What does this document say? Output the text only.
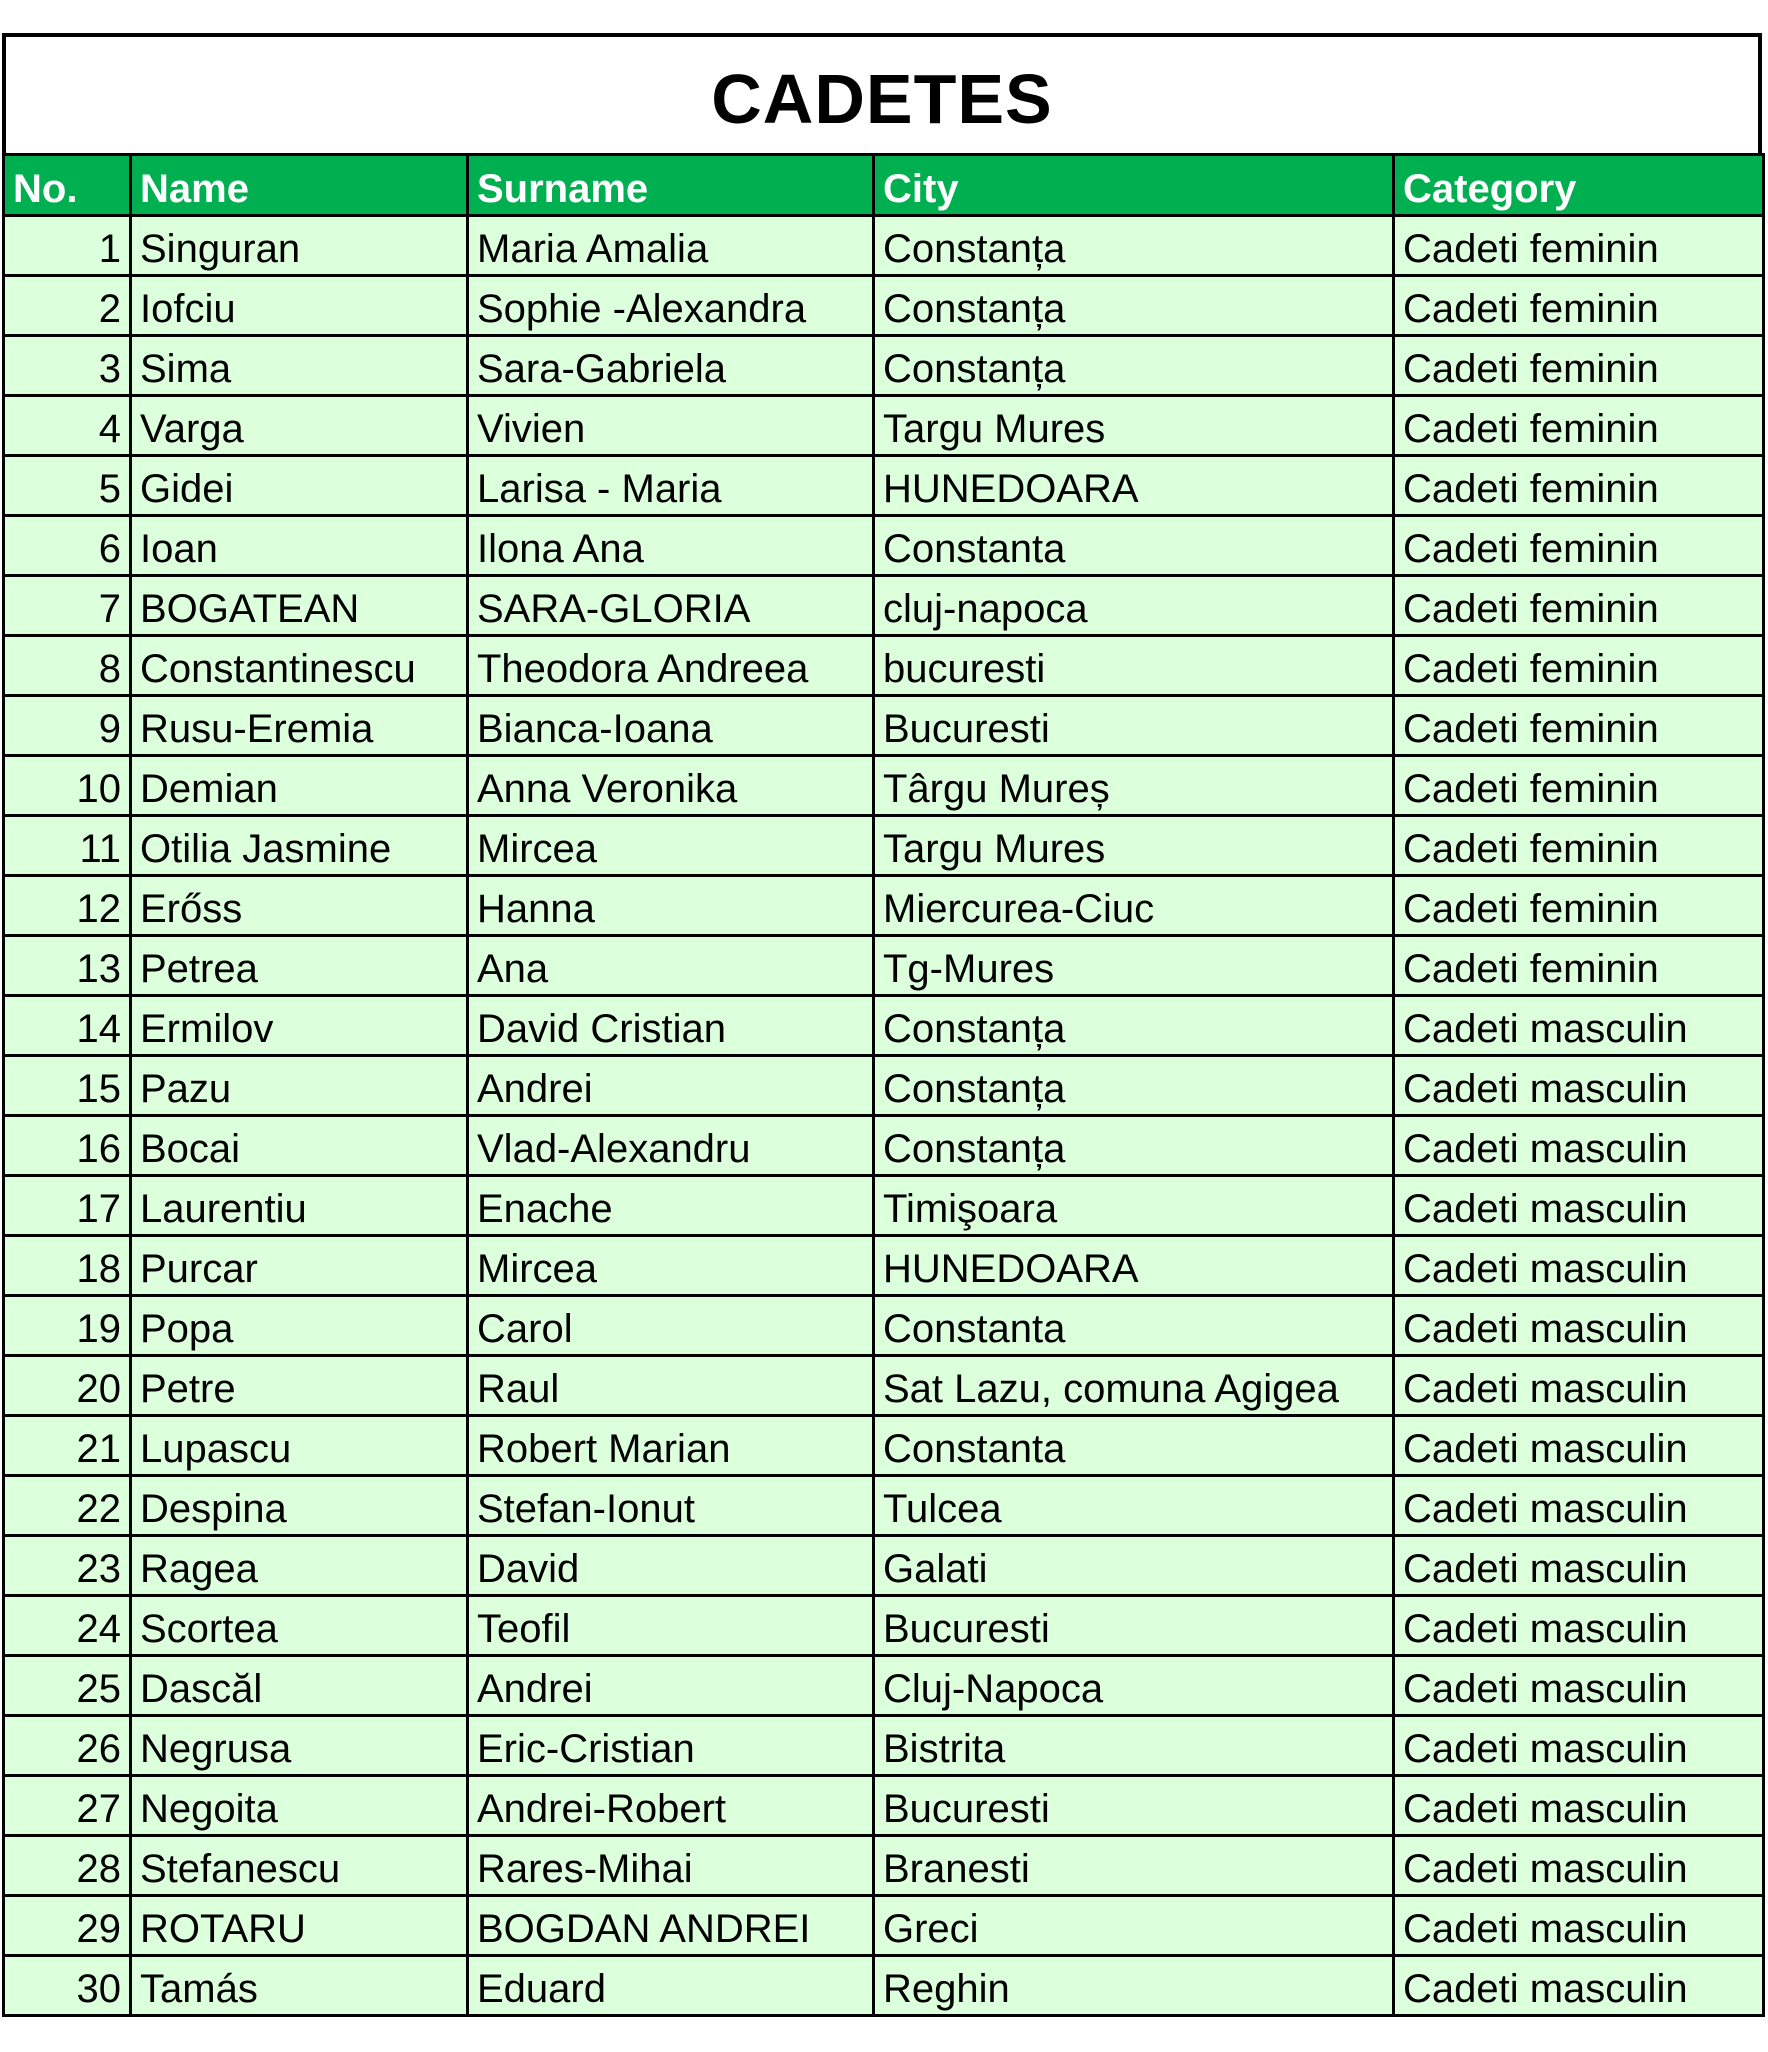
CADETES
No.	Name	Surname	City	Category
1	Singuran	Maria Amalia	Constanța	Cadeti feminin
2	Iofciu	Sophie -Alexandra	Constanța	Cadeti feminin
3	Sima	Sara-Gabriela	Constanța	Cadeti feminin
4	Varga	Vivien	Targu Mures	Cadeti feminin
5	Gidei	Larisa - Maria	HUNEDOARA	Cadeti feminin
6	Ioan	Ilona Ana	Constanta	Cadeti feminin
7	BOGATEAN	SARA-GLORIA	cluj-napoca	Cadeti feminin
8	Constantinescu	Theodora Andreea	bucuresti	Cadeti feminin
9	Rusu-Eremia	Bianca-Ioana	Bucuresti	Cadeti feminin
10	Demian	Anna Veronika	Târgu Mureș	Cadeti feminin
11	Otilia Jasmine	Mircea	Targu Mures	Cadeti feminin
12	Erőss	Hanna	Miercurea-Ciuc	Cadeti feminin
13	Petrea	Ana	Tg-Mures	Cadeti feminin
14	Ermilov	David Cristian	Constanța	Cadeti masculin
15	Pazu	Andrei	Constanța	Cadeti masculin
16	Bocai	Vlad-Alexandru	Constanța	Cadeti masculin
17	Laurentiu	Enache	Timişoara	Cadeti masculin
18	Purcar	Mircea	HUNEDOARA	Cadeti masculin
19	Popa	Carol	Constanta	Cadeti masculin
20	Petre	Raul	Sat Lazu, comuna Agigea	Cadeti masculin
21	Lupascu	Robert Marian	Constanta	Cadeti masculin
22	Despina	Stefan-Ionut	Tulcea	Cadeti masculin
23	Ragea	David	Galati	Cadeti masculin
24	Scortea	Teofil	Bucuresti	Cadeti masculin
25	Dascăl	Andrei	Cluj-Napoca	Cadeti masculin
26	Negrusa	Eric-Cristian	Bistrita	Cadeti masculin
27	Negoita	Andrei-Robert	Bucuresti	Cadeti masculin
28	Stefanescu	Rares-Mihai	Branesti	Cadeti masculin
29	ROTARU	BOGDAN ANDREI	Greci	Cadeti masculin
30	Tamás	Eduard	Reghin	Cadeti masculin
